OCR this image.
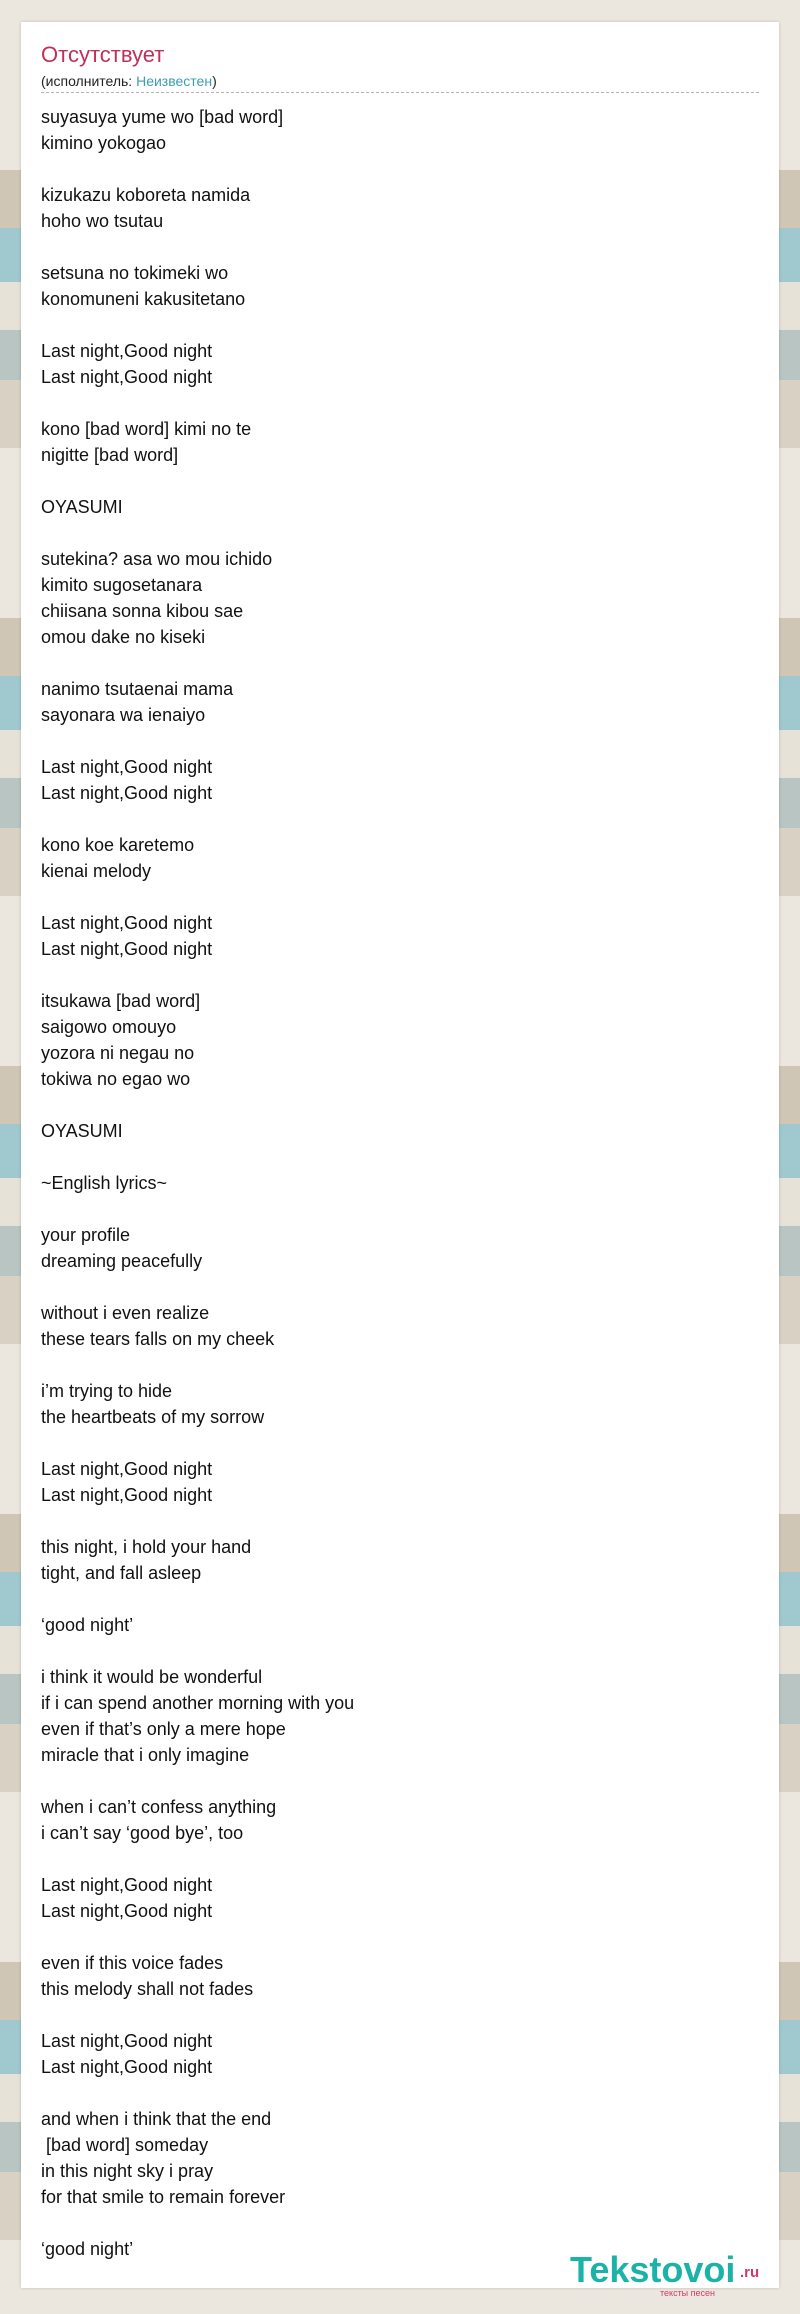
Отсутствует
(исполнитель: Неизвестен)
suyasuya yume wo [bad word]
kimino yokogao
kizukazu koboreta namida
hoho wo tsutau
setsuna no tokimeki wo
konomuneni kakusitetano
Last night,Good night
Last night,Good night
kono [bad word] kimi no te
nigitte [bad word]
OYASUMI
sutekina? asa wo mou ichido
kimito sugosetanara
chiisana sonna kibou sae
omou dake no kiseki
nanimo tsutaenai mama
sayonara wa ienaiyo
Last night,Good night
Last night,Good night
kono koe karetemo
kienai melody
Last night,Good night
Last night,Good night
itsukawa [bad word]
saigowo omouyo
yozora ni negau no
tokiwa no egao wo
OYASUMI
~English lyrics~
your profile
dreaming peacefully
without i even realize
these tears falls on my cheek
i’m trying to hide
the heartbeats of my sorrow
Last night,Good night
Last night,Good night
this night, i hold your hand
tight, and fall asleep
‘good night’
i think it would be wonderful
if i can spend another morning with you
even if that’s only a mere hope
miracle that i only imagine
when i can’t confess anything
i can’t say ‘good bye’, too
Last night,Good night
Last night,Good night
even if this voice fades
this melody shall not fades
Last night,Good night
Last night,Good night
and when i think that the end
[bad word] someday
in this night sky i pray
for that smile to remain forever
‘good night’	Tekstovoi .ru
тексты песен
